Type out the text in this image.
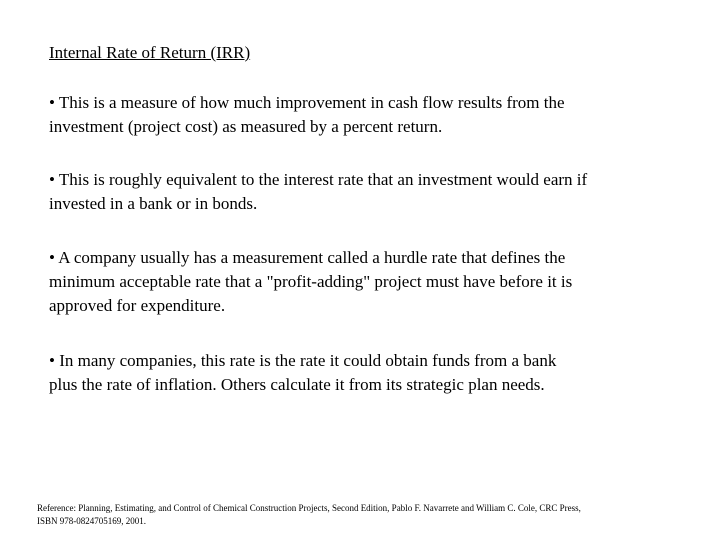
Internal Rate of Return (IRR)

• This is a measure of how much improvement in cash flow results from the
investment (project cost) as measured by a percent return.

• This is roughly equivalent to the interest rate that an investment would earn if
invested in a bank or in bonds.

• A company usually has a measurement called a hurdle rate that defines the
minimum acceptable rate that a "profit-adding" project must have before it is
approved for expenditure.

• In many companies, this rate is the rate it could obtain funds from a bank
plus the rate of inflation. Others calculate it from its strategic plan needs.

Reference: Planning, Estimating, and Control of Chemical Construction Projects, Second Edition, Pablo F. Navarrete and William C. Cole, CRC Press,
ISBN 978-0824705169, 2001.
